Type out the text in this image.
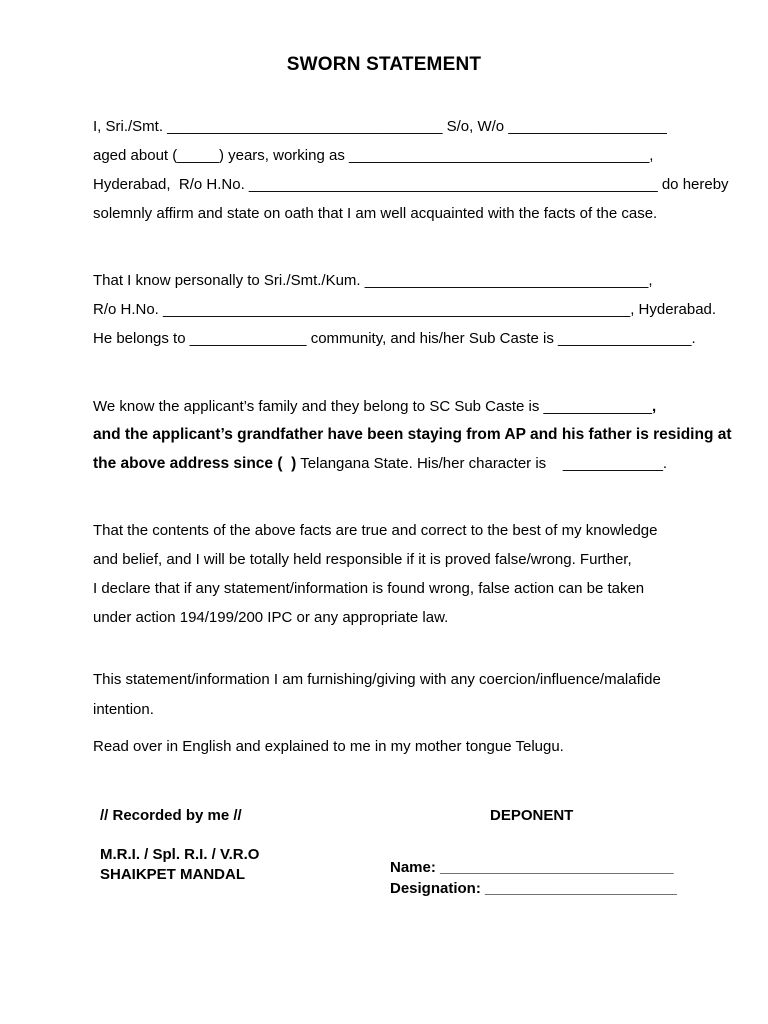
SWORN STATEMENT
I, Sri./Smt. _________________________________ S/o, W/o ___________________
aged about (_____) years, working as ____________________________________,
Hyderabad,  R/o H.No. _________________________________________________ do hereby
solemnly affirm and state on oath that I am well acquainted with the facts of the case.
That I know personally to Sri./Smt./Kum. __________________________________,
R/o H.No. ________________________________________________________, Hyderabad.
He belongs to ______________ community, and his/her Sub Caste is ________________.
We know the applicant’s family and they belong to SC Sub Caste is _____________,
and the applicant’s grandfather have been staying from AP and his father is residing at
the above address since (  ) Telangana State. His/her character is    ____________.
That the contents of the above facts are true and correct to the best of my knowledge
and belief, and I will be totally held responsible if it is proved false/wrong. Further,
I declare that if any statement/information is found wrong, false action can be taken
under action 194/199/200 IPC or any appropriate law.
This statement/information I am furnishing/giving with any coercion/influence/malafide
intention.
Read over in English and explained to me in my mother tongue Telugu.
// Recorded by me //	DEPONENT
M.R.I. / Spl. R.I. / V.R.O
SHAIKPET MANDAL	Name: ____________________________
Designation: _______________________
